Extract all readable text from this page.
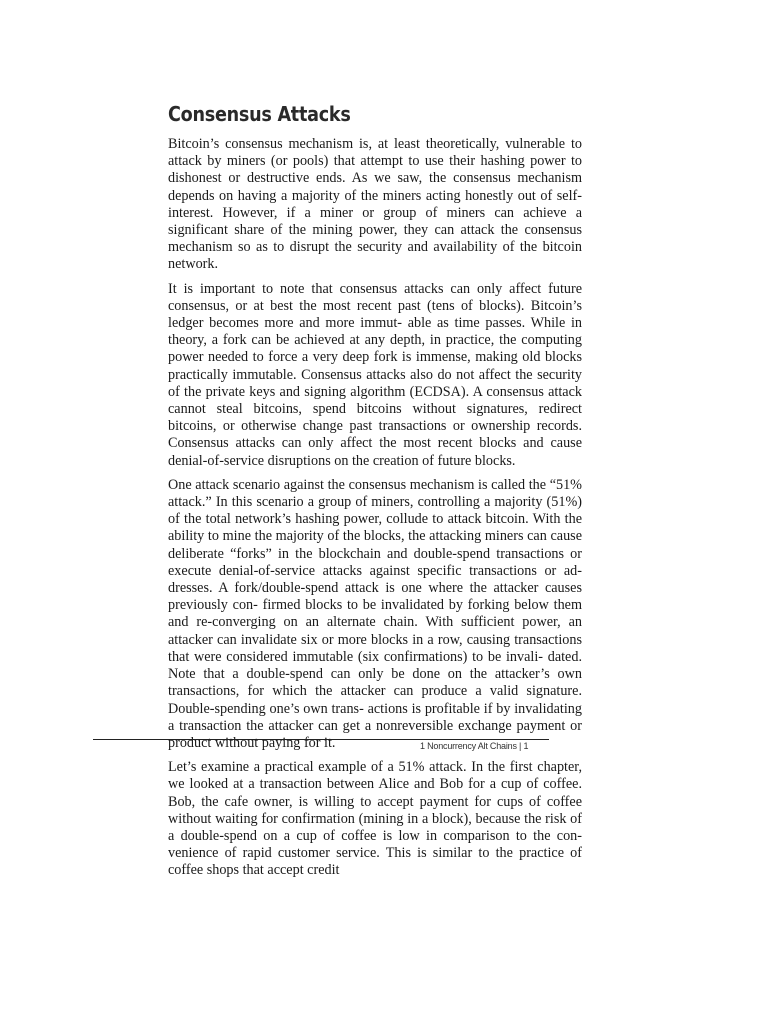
Consensus Attacks

Bitcoin’s consensus mechanism is, at least theoretically, vulnerable to attack by miners (or pools) that attempt to use their hashing power to dishonest or destructive ends. As we saw, the consensus mechanism depends on having a majority of the miners acting honestly out of self-interest. However, if a miner or group of miners can achieve a significant share of the mining power, they can attack the consensus mechanism so as to disrupt the security and availability of the bitcoin network.

It is important to note that consensus attacks can only affect future consensus, or at best the most recent past (tens of blocks). Bitcoin’s ledger becomes more and more immut- able as time passes. While in theory, a fork can be achieved at any depth, in practice, the computing power needed to force a very deep fork is immense, making old blocks practically immutable. Consensus attacks also do not affect the security of the private keys and signing algorithm (ECDSA). A consensus attack cannot steal bitcoins, spend bitcoins without signatures, redirect bitcoins, or otherwise change past transactions or ownership records. Consensus attacks can only affect the most recent blocks and cause denial-of-service disruptions on the creation of future blocks.

One attack scenario against the consensus mechanism is called the “51% attack.” In this scenario a group of miners, controlling a majority (51%) of the total network’s hashing power, collude to attack bitcoin. With the ability to mine the majority of the blocks, the attacking miners can cause deliberate “forks” in the blockchain and double-spend transactions or execute denial-of-service attacks against specific transactions or ad- dresses. A fork/double-spend attack is one where the attacker causes previously con- firmed blocks to be invalidated by forking below them and re-converging on an alternate chain. With sufficient power, an attacker can invalidate six or more blocks in a row, causing transactions that were considered immutable (six confirmations) to be invali- dated. Note that a double-spend can only be done on the attacker’s own transactions, for which the attacker can produce a valid signature. Double-spending one’s own trans- actions is profitable if by invalidating a transaction the attacker can get a nonreversible exchange payment or product without paying for it.

Let’s examine a practical example of a 51% attack. In the first chapter, we looked at a transaction between Alice and Bob for a cup of coffee. Bob, the cafe owner, is willing to accept payment for cups of coffee without waiting for confirmation (mining in a block), because the risk of a double-spend on a cup of coffee is low in comparison to the con- venience of rapid customer service. This is similar to the practice of coffee shops that accept credit

1 Noncurrency Alt Chains | 1
